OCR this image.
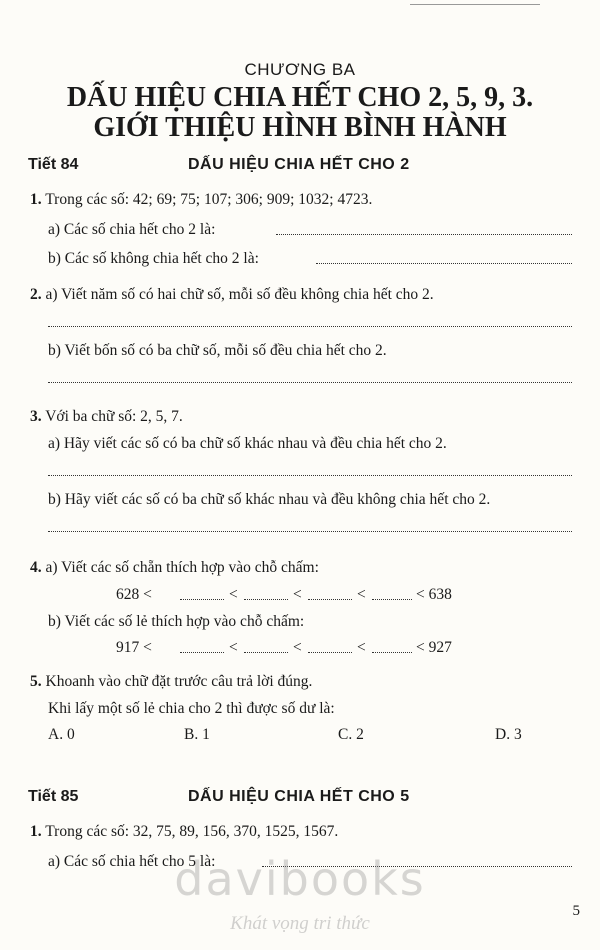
CHƯƠNG BA
DẤU HIỆU CHIA HẾT CHO 2, 5, 9, 3.
GIỚI THIỆU HÌNH BÌNH HÀNH
Tiết 84	DẤU HIỆU CHIA HẾT CHO 2
1. Trong các số: 42; 69; 75; 107; 306; 909; 1032; 4723.
a) Các số chia hết cho 2 là:
b) Các số không chia hết cho 2 là:
2. a) Viết năm số có hai chữ số, mỗi số đều không chia hết cho 2.
b) Viết bốn số có ba chữ số, mỗi số đều chia hết cho 2.
3. Với ba chữ số: 2, 5, 7.
a) Hãy viết các số có ba chữ số khác nhau và đều chia hết cho 2.
b) Hãy viết các số có ba chữ số khác nhau và đều không chia hết cho 2.
4. a) Viết các số chẵn thích hợp vào chỗ chấm:
628 <	<	<	<	< 638
b) Viết các số lẻ thích hợp vào chỗ chấm:
917 <	<	<	<	< 927
5. Khoanh vào chữ đặt trước câu trả lời đúng.
Khi lấy một số lẻ chia cho 2 thì được số dư là:
A. 0	B. 1	C. 2	D. 3
Tiết 85	DẤU HIỆU CHIA HẾT CHO 5
1. Trong các số: 32, 75, 89, 156, 370, 1525, 1567.
a) Các số chia hết cho 5 là:
davibooks
Khát vọng tri thức
5
